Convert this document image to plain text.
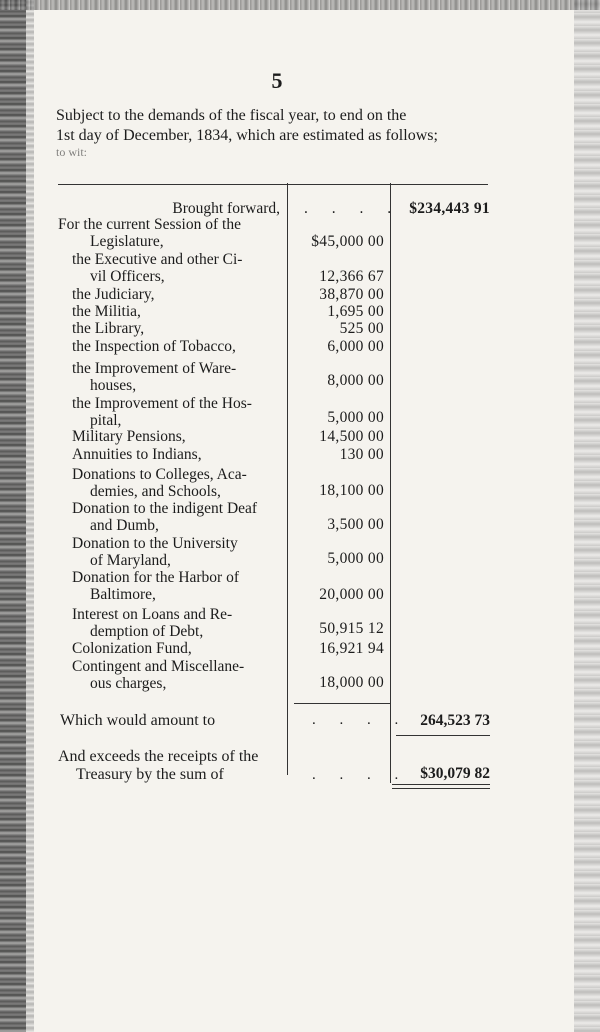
5
Subject to the demands of the fiscal year, to end on the
1st day of December, 1834, which are estimated as follows;
to wit:
Brought forward, . . . . $234,443 91
For the current Session of the
Legislature,	$45,000 00
the Executive and other Ci-
vil Officers,	12,366 67
the Judiciary,	38,870 00
the Militia,	1,695 00
the Library,	525 00
the Inspection of Tobacco,	6,000 00
the Improvement of Ware-
houses,	8,000 00
the Improvement of the Hos-
pital,	5,000 00
Military Pensions,	14,500 00
Annuities to Indians,	130 00
Donations to Colleges, Aca-
demies, and Schools,	18,100 00
Donation to the indigent Deaf
and Dumb,	3,500 00
Donation to the University
of Maryland,	5,000 00
Donation for the Harbor of
Baltimore,	20,000 00
Interest on Loans and Re-
demption of Debt,	50,915 12
Colonization Fund,	16,921 94
Contingent and Miscellane-
ous charges,	18,000 00
Which would amount to	. . . . 264,523 73
And exceeds the receipts of the
Treasury by the sum of	. . . . $30,079 82
